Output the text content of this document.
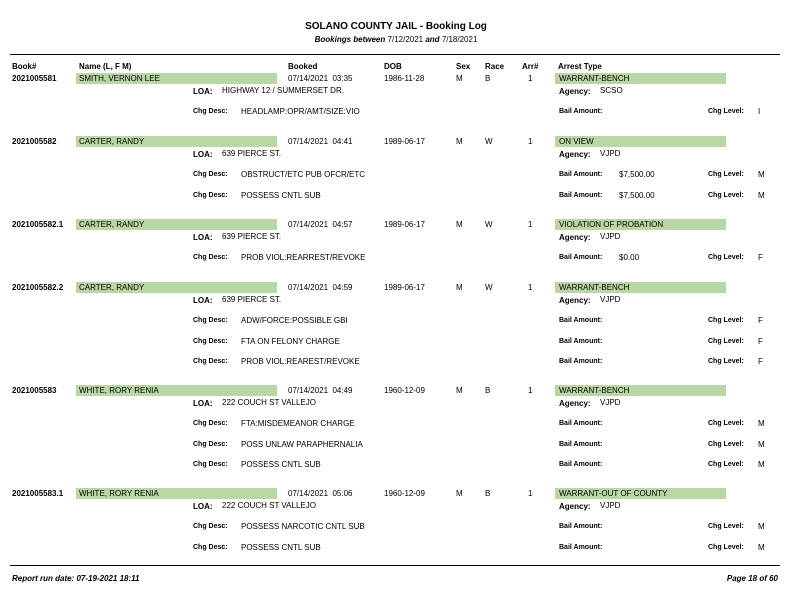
SOLANO COUNTY JAIL - Booking Log
Bookings between 7/12/2021 and 7/18/2021
Book#	Name (L, F M)	Booked	DOB	Sex Race Arr# Arrest Type
2021005581	SMITH, VERNON LEE	07/14/2021  03:35	1986-11-28	M	B	1	WARRANT-BENCH
LOA: HIGHWAY 12 / SUMMERSET DR.	Agency: SCSO
Chg Desc: HEADLAMP:OPR/AMT/SIZE:VIO	Bail Amount:	Chg Level: I
2021005582	CARTER, RANDY	07/14/2021  04:41	1989-06-17	M	W	1	ON VIEW
LOA: 639 PIERCE ST.	Agency: VJPD
Chg Desc: OBSTRUCT/ETC PUB OFCR/ETC	Bail Amount: $7,500.00	Chg Level: M
Chg Desc: POSSESS CNTL SUB	Bail Amount: $7,500.00	Chg Level: M
2021005582.1 CARTER, RANDY	07/14/2021  04:57	1989-06-17	M	W	1	VIOLATION OF PROBATION
LOA: 639 PIERCE ST.	Agency: VJPD
Chg Desc: PROB VIOL:REARREST/REVOKE	Bail Amount: $0.00	Chg Level: F
2021005582.2 CARTER, RANDY	07/14/2021  04:59	1989-06-17	M	W	1	WARRANT-BENCH
LOA: 639 PIERCE ST.	Agency: VJPD
Chg Desc: ADW/FORCE:POSSIBLE GBI	Bail Amount:	Chg Level: F
Chg Desc: FTA ON FELONY CHARGE	Bail Amount:	Chg Level: F
Chg Desc: PROB VIOL:REAREST/REVOKE	Bail Amount:	Chg Level: F
2021005583	WHITE, RORY RENIA	07/14/2021  04:49	1960-12-09	M	B	1	WARRANT-BENCH
LOA: 222 COUCH ST VALLEJO	Agency: VJPD
Chg Desc: FTA:MISDEMEANOR CHARGE	Bail Amount:	Chg Level: M
Chg Desc: POSS UNLAW PARAPHERNALIA	Bail Amount:	Chg Level: M
Chg Desc: POSSESS CNTL SUB	Bail Amount:	Chg Level: M
2021005583.1 WHITE, RORY RENIA	07/14/2021  05:06	1960-12-09	M	B	1	WARRANT-OUT OF COUNTY
LOA: 222 COUCH ST VALLEJO	Agency: VJPD
Chg Desc: POSSESS NARCOTIC CNTL SUB	Bail Amount:	Chg Level: M
Chg Desc: POSSESS CNTL SUB	Bail Amount:	Chg Level: M
Report run date: 07-19-2021 18:11	Page 18 of 60
